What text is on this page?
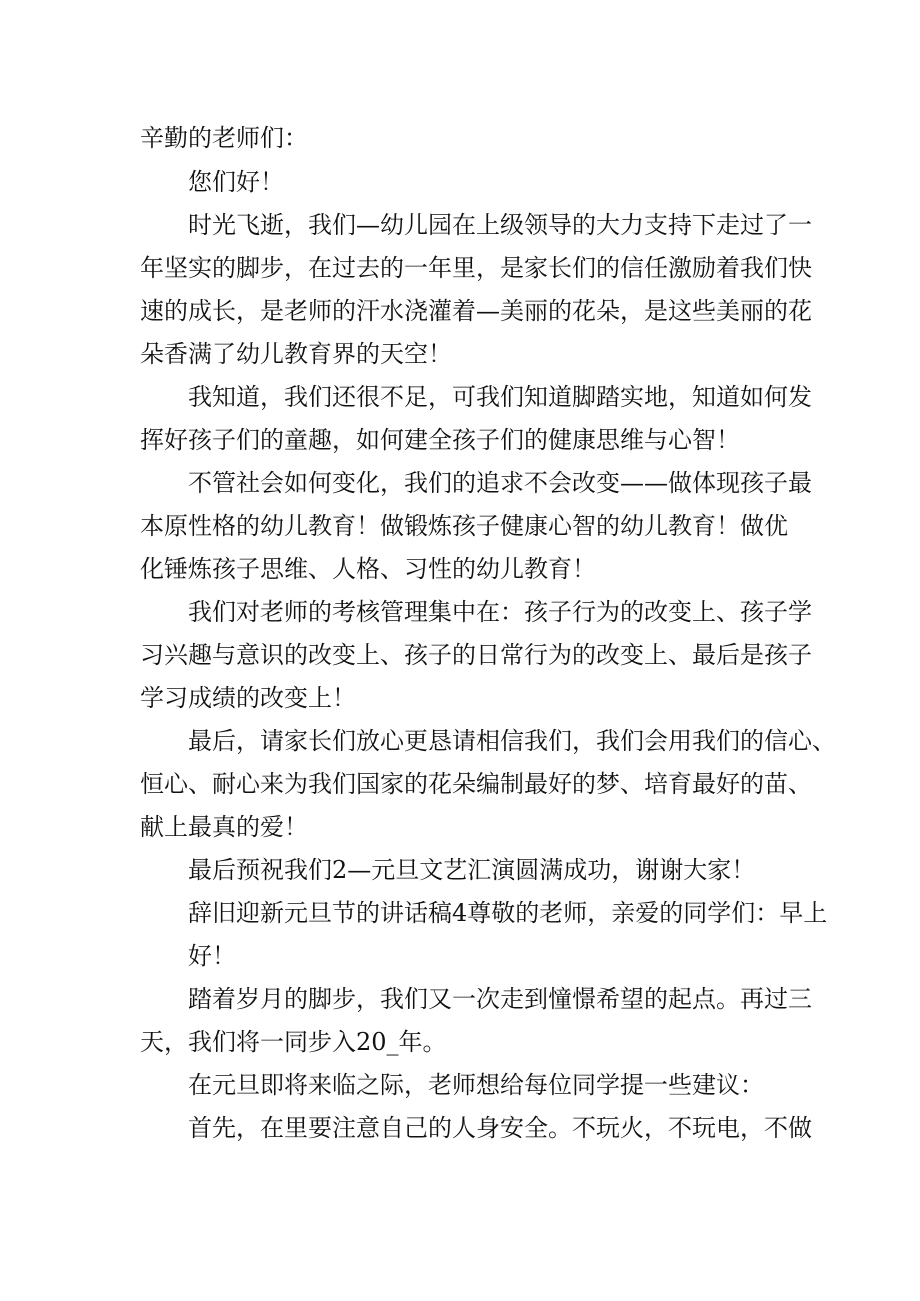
辛勤的老师们：
您们好！
时光飞逝，我们—幼儿园在上级领导的大力支持下走过了一
年坚实的脚步，在过去的一年里，是家长们的信任激励着我们快
速的成长，是老师的汗水浇灌着—美丽的花朵，是这些美丽的花
朵香满了幼儿教育界的天空！
我知道，我们还很不足，可我们知道脚踏实地，知道如何发
挥好孩子们的童趣，如何建全孩子们的健康思维与心智！
不管社会如何变化，我们的追求不会改变——做体现孩子最
本原性格的幼儿教育！做锻炼孩子健康心智的幼儿教育！做优
化锤炼孩子思维、人格、习性的幼儿教育！
我们对老师的考核管理集中在：孩子行为的改变上、孩子学
习兴趣与意识的改变上、孩子的日常行为的改变上、最后是孩子
学习成绩的改变上！
最后，请家长们放心更恳请相信我们，我们会用我们的信心、
恒心、耐心来为我们国家的花朵编制最好的梦、培育最好的苗、
献上最真的爱！
最后预祝我们2—元旦文艺汇演圆满成功，谢谢大家！
辞旧迎新元旦节的讲话稿4尊敬的老师，亲爱的同学们：早上
好！
踏着岁月的脚步，我们又一次走到憧憬希望的起点。再过三
天，我们将一同步入20_年。
在元旦即将来临之际，老师想给每位同学提一些建议：
首先，在里要注意自己的人身安全。不玩火，不玩电，不做
